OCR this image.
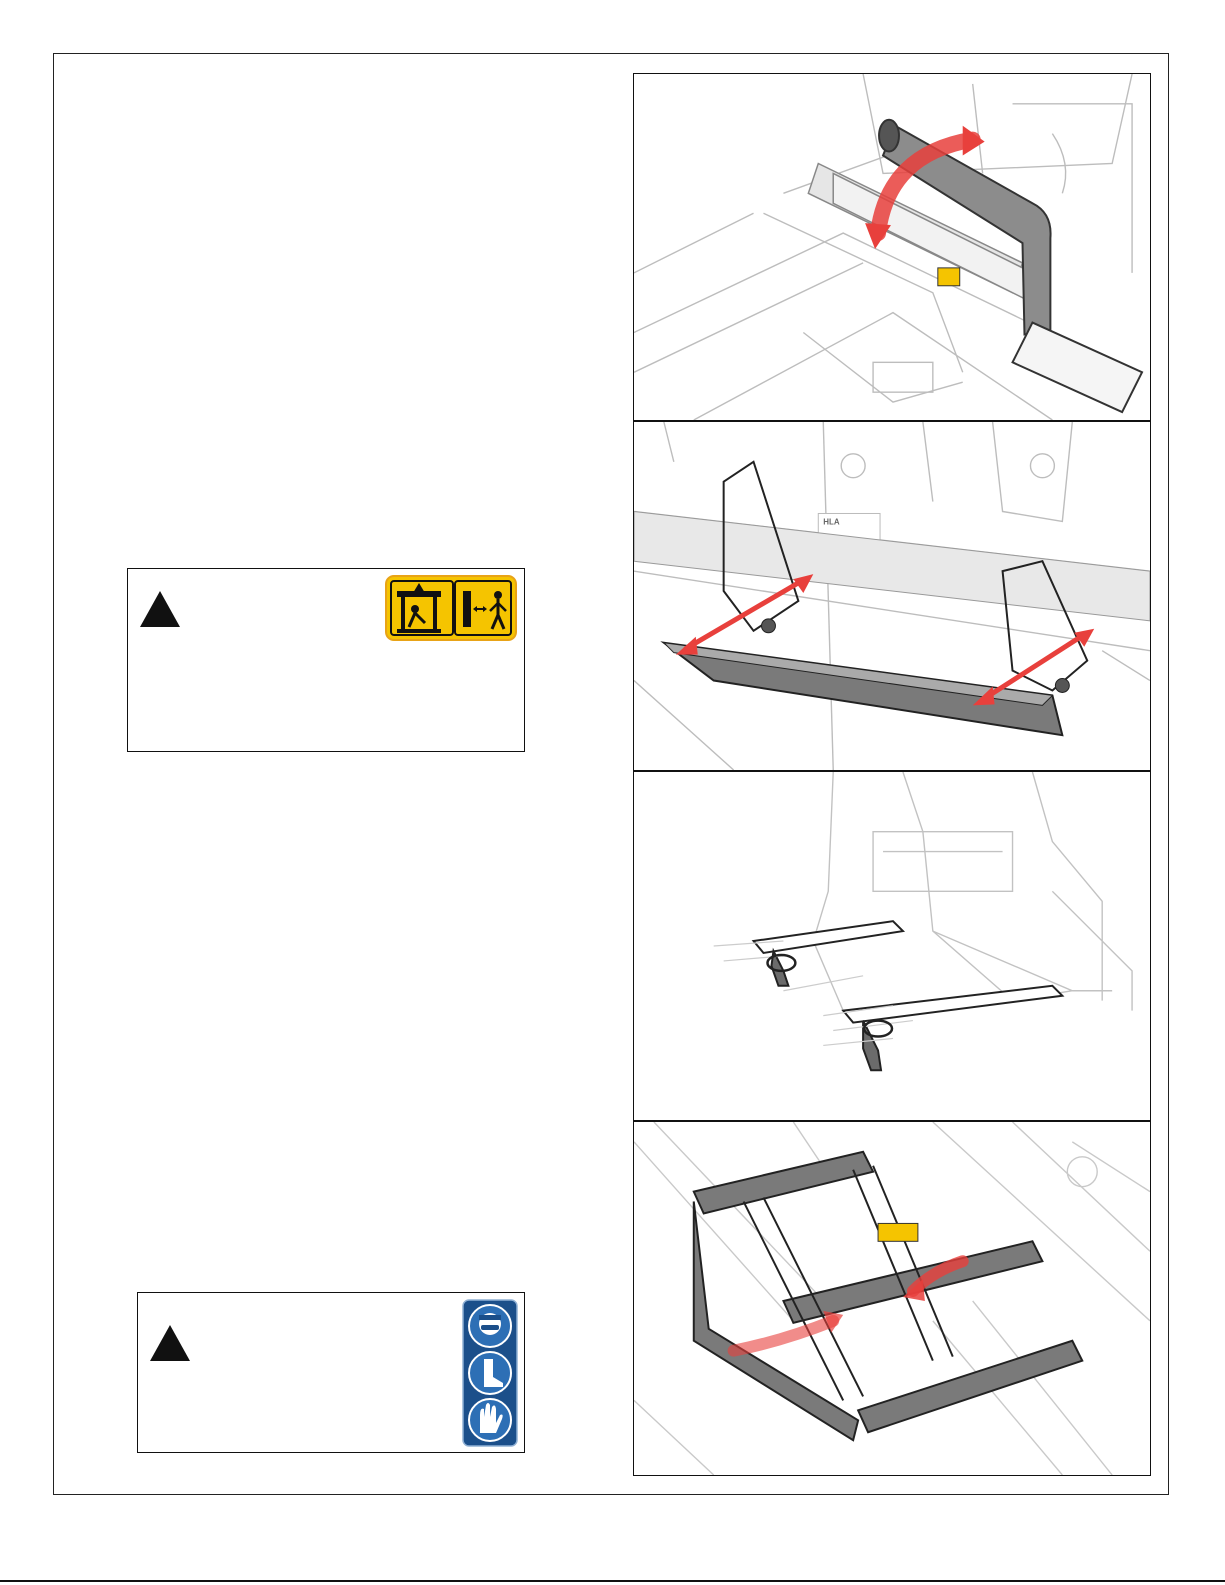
HLA
